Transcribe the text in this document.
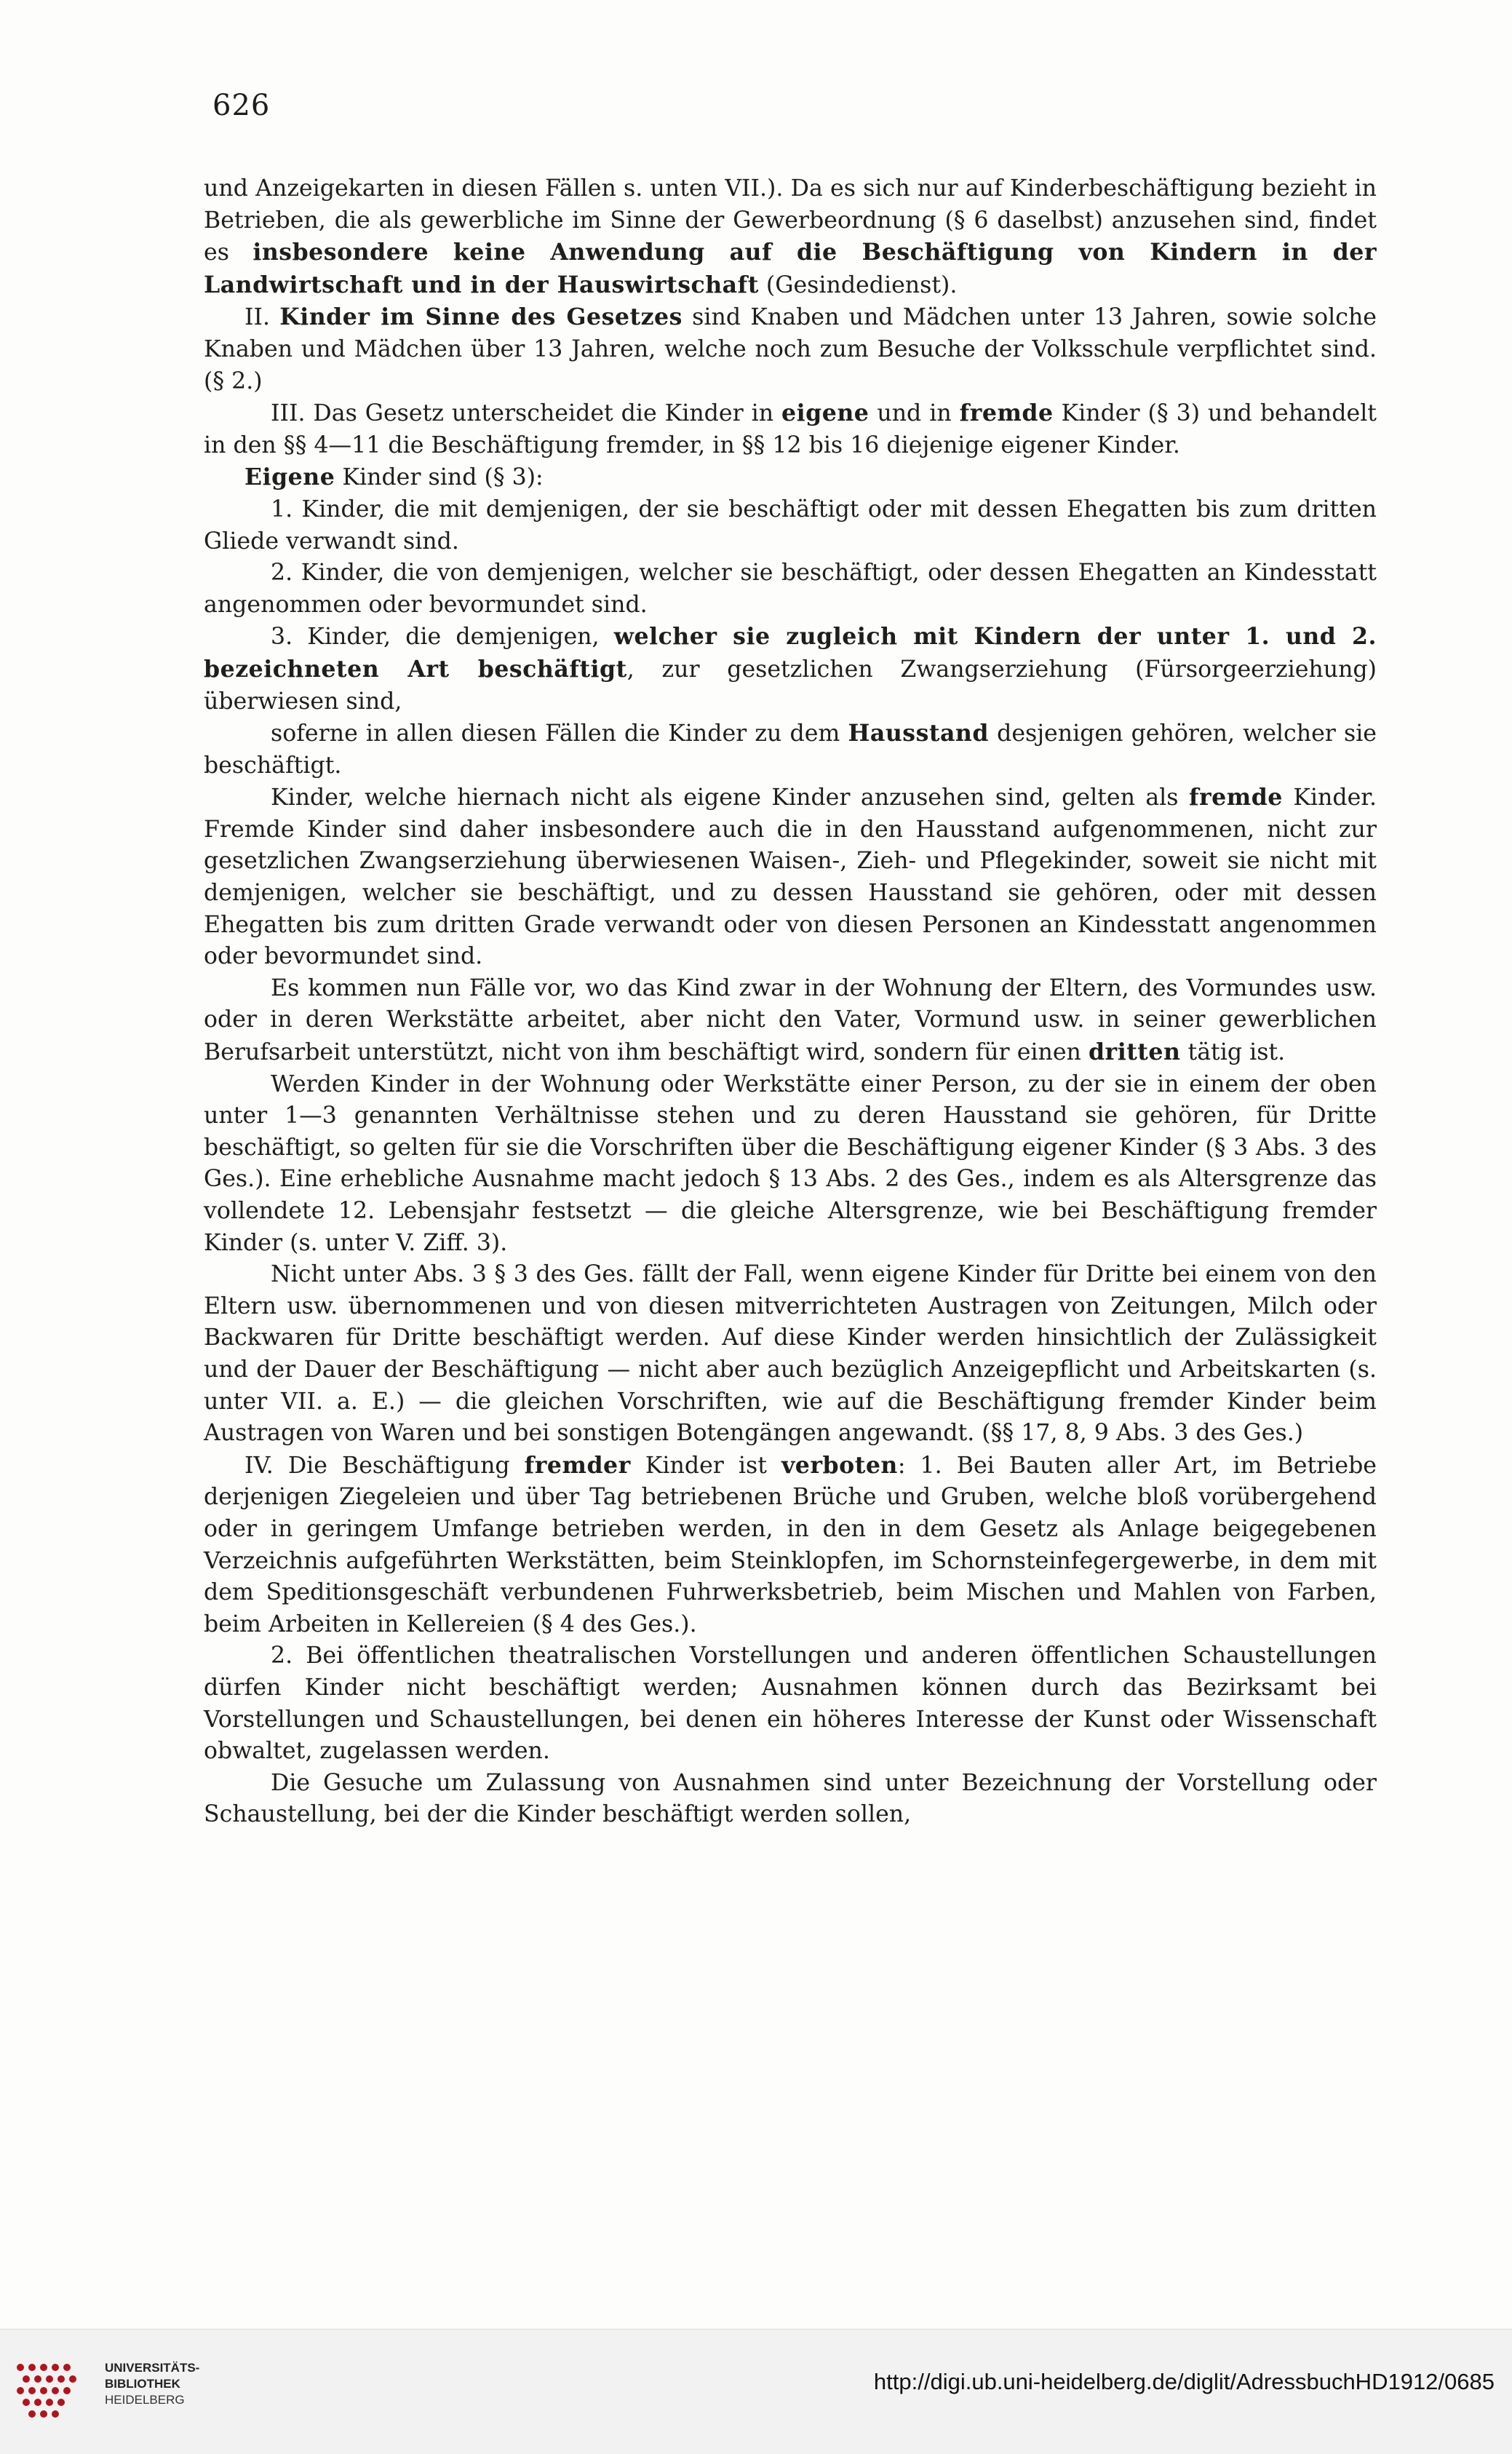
626

und Anzeigekarten in diesen Fällen s. unten VII.). Da es sich nur auf Kinderbeschäftigung bezieht in Betrieben, die als gewerbliche im Sinne der Gewerbeordnung (§ 6 daselbst) anzusehen sind, findet es insbesondere keine Anwendung auf die Beschäftigung von Kindern in der Landwirtschaft und in der Hauswirtschaft (Gesindedienst).

II. Kinder im Sinne des Gesetzes sind Knaben und Mädchen unter 13 Jahren, sowie solche Knaben und Mädchen über 13 Jahren, welche noch zum Besuche der Volksschule verpflichtet sind. (§ 2.)

III. Das Gesetz unterscheidet die Kinder in eigene und in fremde Kinder (§ 3) und behandelt in den §§ 4—11 die Beschäftigung fremder, in §§ 12 bis 16 diejenige eigener Kinder.

Eigene Kinder sind (§ 3):

1. Kinder, die mit demjenigen, der sie beschäftigt oder mit dessen Ehegatten bis zum dritten Gliede verwandt sind.

2. Kinder, die von demjenigen, welcher sie beschäftigt, oder dessen Ehegatten an Kindesstatt angenommen oder bevormundet sind.

3. Kinder, die demjenigen, welcher sie zugleich mit Kindern der unter 1. und 2. bezeichneten Art beschäftigt, zur gesetzlichen Zwangserziehung (Fürsorgeerziehung) überwiesen sind,

soferne in allen diesen Fällen die Kinder zu dem Hausstand desjenigen gehören, welcher sie beschäftigt.

Kinder, welche hiernach nicht als eigene Kinder anzusehen sind, gelten als fremde Kinder. Fremde Kinder sind daher insbesondere auch die in den Hausstand aufgenommenen, nicht zur gesetzlichen Zwangserziehung überwiesenen Waisen-, Zieh- und Pflegekinder, soweit sie nicht mit demjenigen, welcher sie beschäftigt, und zu dessen Hausstand sie gehören, oder mit dessen Ehegatten bis zum dritten Grade verwandt oder von diesen Personen an Kindesstatt angenommen oder bevormundet sind.

Es kommen nun Fälle vor, wo das Kind zwar in der Wohnung der Eltern, des Vormundes usw. oder in deren Werkstätte arbeitet, aber nicht den Vater, Vormund usw. in seiner gewerblichen Berufsarbeit unterstützt, nicht von ihm beschäftigt wird, sondern für einen dritten tätig ist.

Werden Kinder in der Wohnung oder Werkstätte einer Person, zu der sie in einem der oben unter 1—3 genannten Verhältnisse stehen und zu deren Hausstand sie gehören, für Dritte beschäftigt, so gelten für sie die Vorschriften über die Beschäftigung eigener Kinder (§ 3 Abs. 3 des Ges.). Eine erhebliche Ausnahme macht jedoch § 13 Abs. 2 des Ges., indem es als Altersgrenze das vollendete 12. Lebensjahr festsetzt — die gleiche Altersgrenze, wie bei Beschäftigung fremder Kinder (s. unter V. Ziff. 3).

Nicht unter Abs. 3 § 3 des Ges. fällt der Fall, wenn eigene Kinder für Dritte bei einem von den Eltern usw. übernommenen und von diesen mitverrichteten Austragen von Zeitungen, Milch oder Backwaren für Dritte beschäftigt werden. Auf diese Kinder werden hinsichtlich der Zulässigkeit und der Dauer der Beschäftigung — nicht aber auch bezüglich Anzeigepflicht und Arbeitskarten (s. unter VII. a. E.) — die gleichen Vorschriften, wie auf die Beschäftigung fremder Kinder beim Austragen von Waren und bei sonstigen Botengängen angewandt. (§§ 17, 8, 9 Abs. 3 des Ges.)

IV. Die Beschäftigung fremder Kinder ist verboten: 1. Bei Bauten aller Art, im Betriebe derjenigen Ziegeleien und über Tag betriebenen Brüche und Gruben, welche bloß vorübergehend oder in geringem Umfange betrieben werden, in den in dem Gesetz als Anlage beigegebenen Verzeichnis aufgeführten Werkstätten, beim Steinklopfen, im Schornsteinfegergewerbe, in dem mit dem Speditionsgeschäft verbundenen Fuhrwerksbetrieb, beim Mischen und Mahlen von Farben, beim Arbeiten in Kellereien (§ 4 des Ges.).

2. Bei öffentlichen theatralischen Vorstellungen und anderen öffentlichen Schaustellungen dürfen Kinder nicht beschäftigt werden; Ausnahmen können durch das Bezirksamt bei Vorstellungen und Schaustellungen, bei denen ein höheres Interesse der Kunst oder Wissenschaft obwaltet, zugelassen werden.

Die Gesuche um Zulassung von Ausnahmen sind unter Bezeichnung der Vorstellung oder Schaustellung, bei der die Kinder beschäftigt werden sollen,

UNIVERSITÄTS-
BIBLIOTHEK
HEIDELBERG
http://digi.ub.uni-heidelberg.de/diglit/AdressbuchHD1912/0685
